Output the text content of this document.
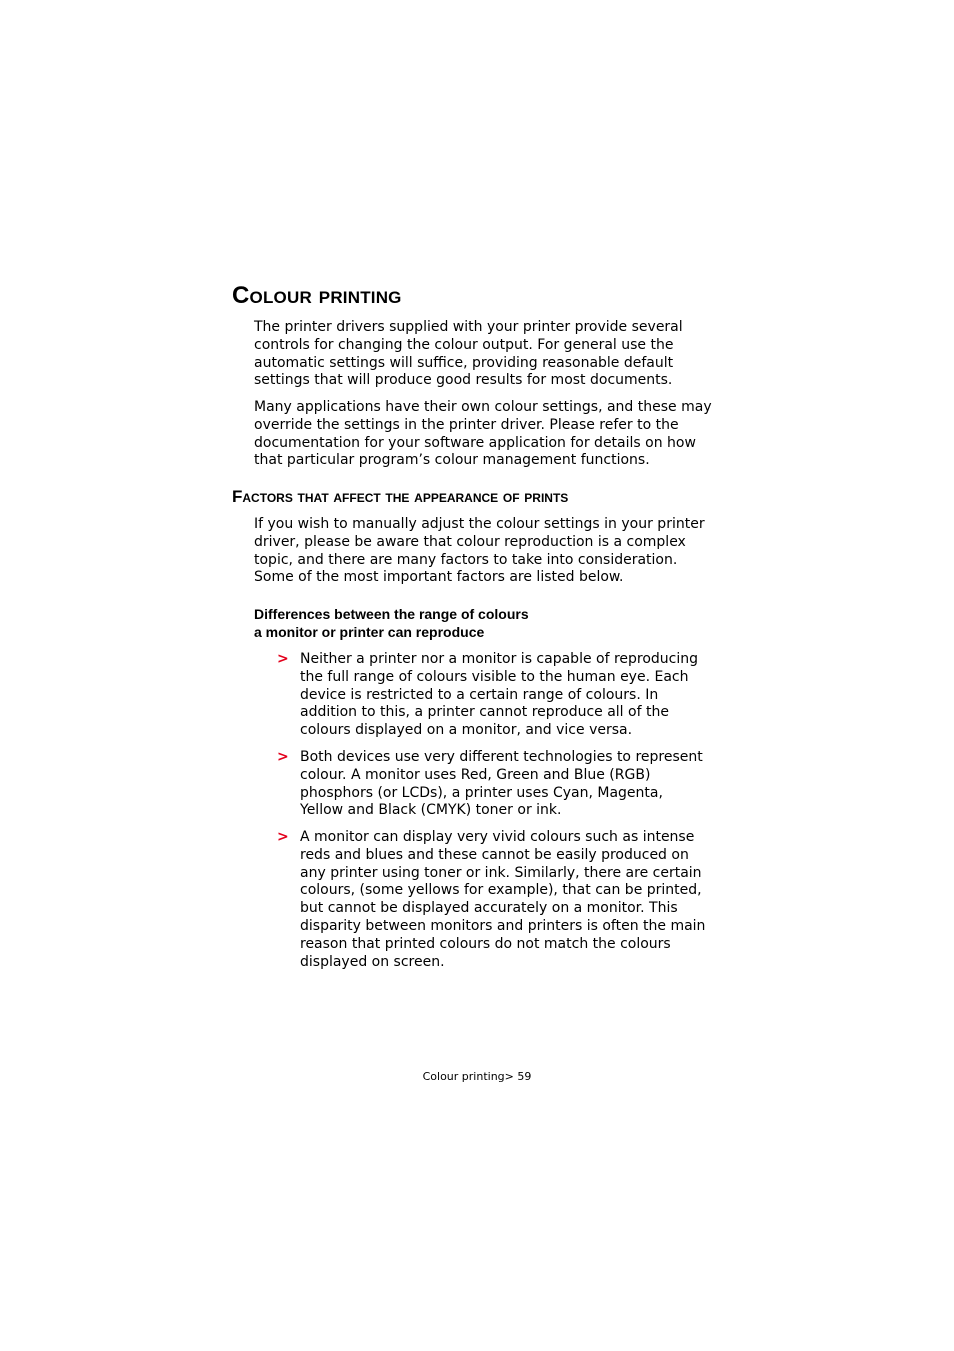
Colour printing

The printer drivers supplied with your printer provide several
controls for changing the colour output. For general use the
automatic settings will suffice, providing reasonable default
settings that will produce good results for most documents.

Many applications have their own colour settings, and these may
override the settings in the printer driver. Please refer to the
documentation for your software application for details on how
that particular program’s colour management functions.

Factors that affect the appearance of prints

If you wish to manually adjust the colour settings in your printer
driver, please be aware that colour reproduction is a complex
topic, and there are many factors to take into consideration.
Some of the most important factors are listed below.

Differences between the range of colours
a monitor or printer can reproduce
> Neither a printer nor a monitor is capable of reproducing
the full range of colours visible to the human eye. Each
device is restricted to a certain range of colours. In
addition to this, a printer cannot reproduce all of the
colours displayed on a monitor, and vice versa.

> Both devices use very different technologies to represent
colour. A monitor uses Red, Green and Blue (RGB)
phosphors (or LCDs), a printer uses Cyan, Magenta,
Yellow and Black (CMYK) toner or ink.

> A monitor can display very vivid colours such as intense
reds and blues and these cannot be easily produced on
any printer using toner or ink. Similarly, there are certain
colours, (some yellows for example), that can be printed,
but cannot be displayed accurately on a monitor. This
disparity between monitors and printers is often the main
reason that printed colours do not match the colours
displayed on screen.

Colour printing> 59
